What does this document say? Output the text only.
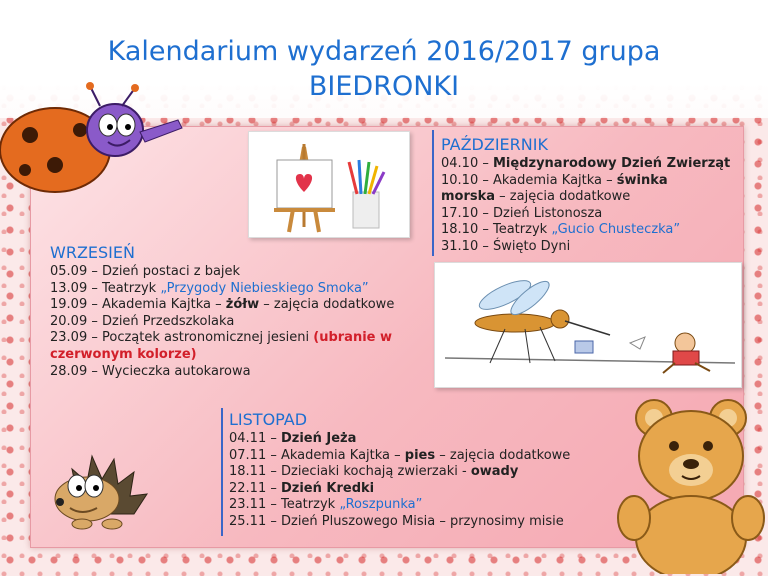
Kalendarium wydarzeń 2016/2017 grupa
BIEDRONKI
PAŹDZIERNIK
04.10 – Międzynarodowy Dzień Zwierząt
10.10 – Akademia Kajtka – świnka
morska – zajęcia dodatkowe
17.10 – Dzień Listonosza
18.10 – Teatrzyk „Gucio Chusteczka”
31.10 – Święto Dyni
WRZESIEŃ
05.09 – Dzień postaci z bajek
13.09 – Teatrzyk „Przygody Niebieskiego Smoka”
19.09 – Akademia Kajtka – żółw – zajęcia dodatkowe
20.09 – Dzień Przedszkolaka
23.09 – Początek astronomicznej jesieni (ubranie w
czerwonym kolorze)
28.09 – Wycieczka autokarowa
LISTOPAD
04.11 – Dzień Jeża
07.11 – Akademia Kajtka – pies – zajęcia dodatkowe
18.11 – Dzieciaki kochają zwierzaki - owady
22.11 – Dzień Kredki
23.11 – Teatrzyk „Roszpunka”
25.11 – Dzień Pluszowego Misia – przynosimy misie
